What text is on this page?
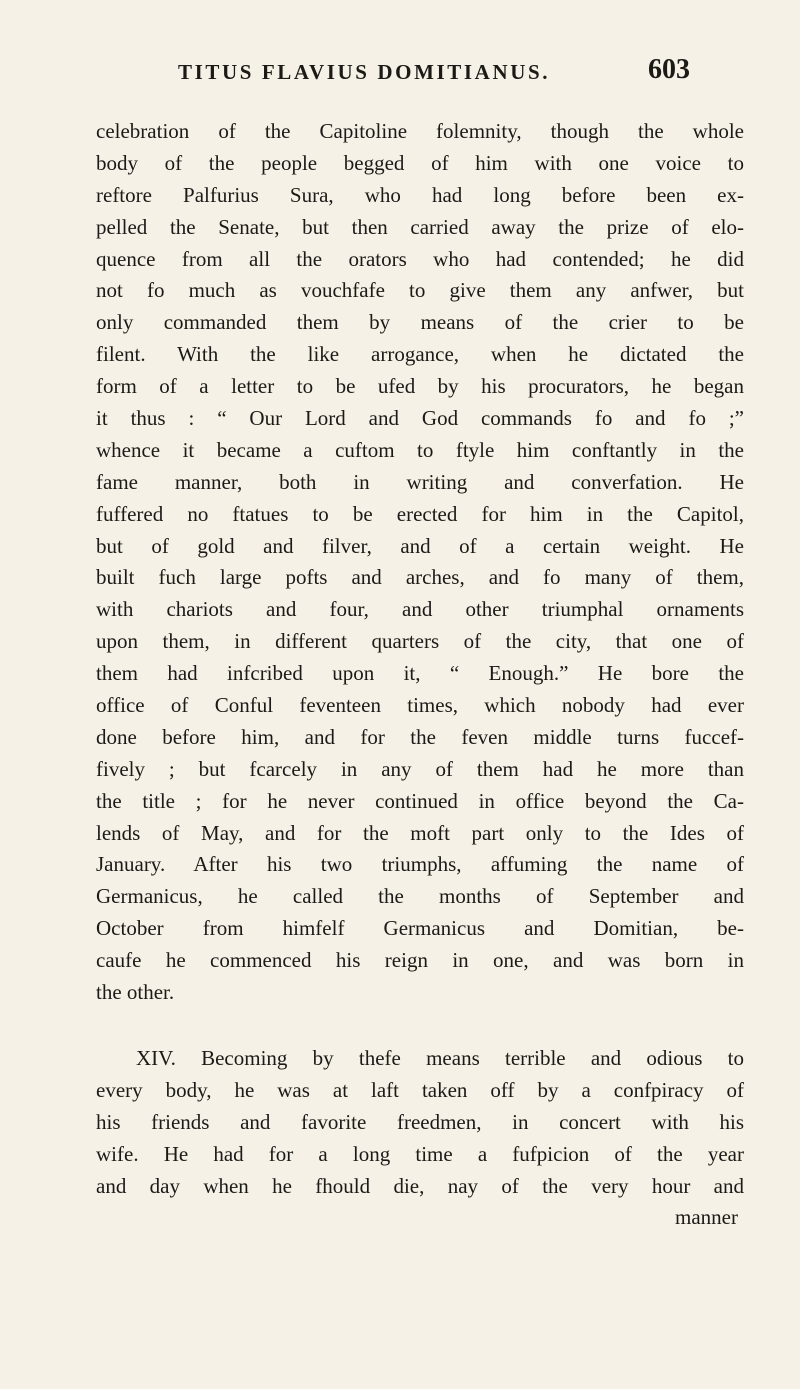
TITUS FLAVIUS DOMITIANUS.	603
celebration of the Capitoline folemnity, though the whole
body of the people begged of him with one voice to
reftore Palfurius Sura, who had long before been ex-
pelled the Senate, but then carried away the prize of elo-
quence from all the orators who had contended; he did
not fo much as vouchfafe to give them any anfwer, but
only commanded them by means of the crier to be
filent. With the like arrogance, when he dictated the
form of a letter to be ufed by his procurators, he began
it thus : “ Our Lord and God commands fo and fo ;”
whence it became a cuftom to ftyle him conftantly in the
fame manner, both in writing and converfation. He
fuffered no ftatues to be erected for him in the Capitol,
but of gold and filver, and of a certain weight. He
built fuch large pofts and arches, and fo many of them,
with chariots and four, and other triumphal ornaments
upon them, in different quarters of the city, that one of
them had infcribed upon it, “ Enough.” He bore the
office of Conful feventeen times, which nobody had ever
done before him, and for the feven middle turns fuccef-
fively ; but fcarcely in any of them had he more than
the title ; for he never continued in office beyond the Ca-
lends of May, and for the moft part only to the Ides of
January. After his two triumphs, affuming the name of
Germanicus, he called the months of September and
October from himfelf Germanicus and Domitian, be-
caufe he commenced his reign in one, and was born in
the other.
XIV. Becoming by thefe means terrible and odious to
every body, he was at laft taken off by a confpiracy of
his friends and favorite freedmen, in concert with his
wife. He had for a long time a fufpicion of the year
and day when he fhould die, nay of the very hour and
manner
